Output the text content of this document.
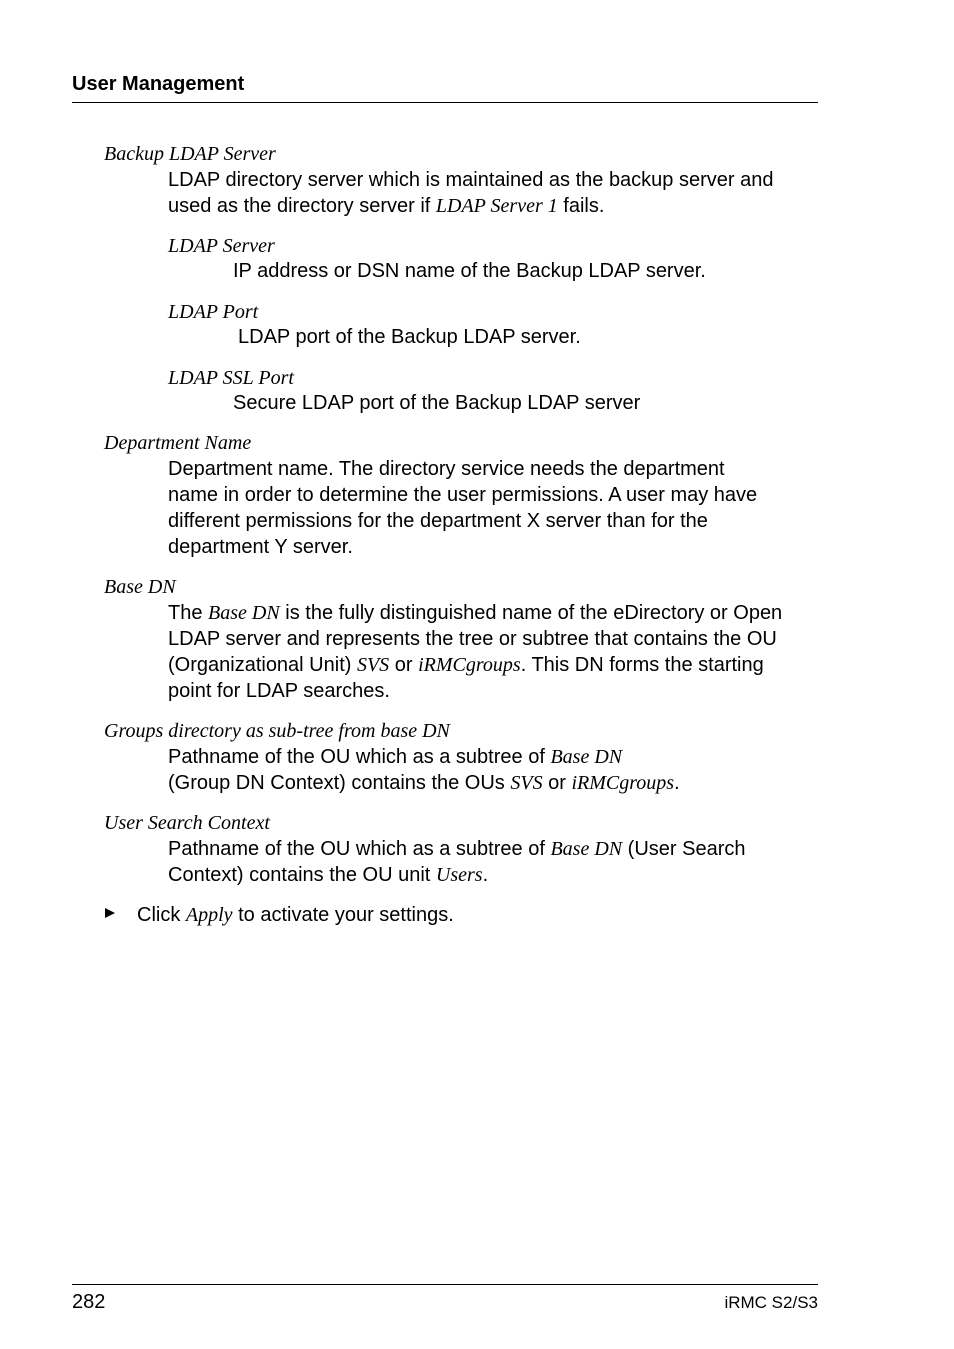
User Management
Backup LDAP Server
LDAP directory server which is maintained as the backup server and
used as the directory server if LDAP Server 1 fails.
LDAP Server
IP address or DSN name of the Backup LDAP server.
LDAP Port
LDAP port of the Backup LDAP server.
LDAP SSL Port
Secure LDAP port of the Backup LDAP server
Department Name
Department name. The directory service needs the department
name in order to determine the user permissions. A user may have
different permissions for the department X server than for the
department Y server.
Base DN
The Base DN is the fully distinguished name of the eDirectory or Open
LDAP server and represents the tree or subtree that contains the OU
(Organizational Unit) SVS or iRMCgroups. This DN forms the starting
point for LDAP searches.
Groups directory as sub-tree from base DN
Pathname of the OU which as a subtree of Base DN
(Group DN Context) contains the OUs SVS or iRMCgroups.
User Search Context
Pathname of the OU which as a subtree of Base DN (User Search
Context) contains the OU unit Users.
Click Apply to activate your settings.
282	iRMC S2/S3
